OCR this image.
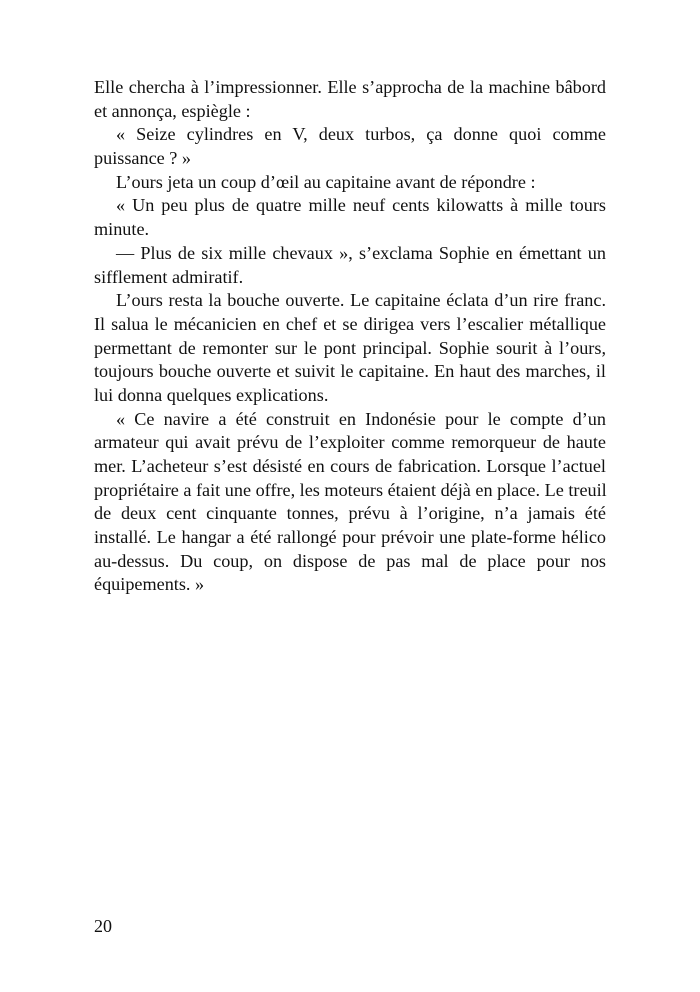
Elle chercha à l’impressionner. Elle s’approcha de la machine bâbord

et annonça, espiègle :

« Seize cylindres en V, deux turbos, ça donne quoi comme

puissance ? »

L’ours jeta un coup d’œil au capitaine avant de répondre :

« Un peu plus de quatre mille neuf cents kilowatts à mille tours

minute.

— Plus de six mille chevaux », s’exclama Sophie en émettant un

sifflement admiratif.

L’ours resta la bouche ouverte. Le capitaine éclata d’un rire franc.

Il salua le mécanicien en chef et se dirigea vers l’escalier métallique

permettant de remonter sur le pont principal. Sophie sourit à l’ours,

toujours bouche ouverte et suivit le capitaine. En haut des marches, il

lui donna quelques explications.

« Ce navire a été construit en Indonésie pour le compte d’un

armateur qui avait prévu de l’exploiter comme remorqueur de haute

mer. L’acheteur s’est désisté en cours de fabrication. Lorsque l’actuel

propriétaire a fait une offre, les moteurs étaient déjà en place. Le treuil

de deux cent cinquante tonnes, prévu à l’origine, n’a jamais été

installé. Le hangar a été rallongé pour prévoir une plate-forme hélico

au-dessus. Du coup, on dispose de pas mal de place pour nos

équipements. »

20
